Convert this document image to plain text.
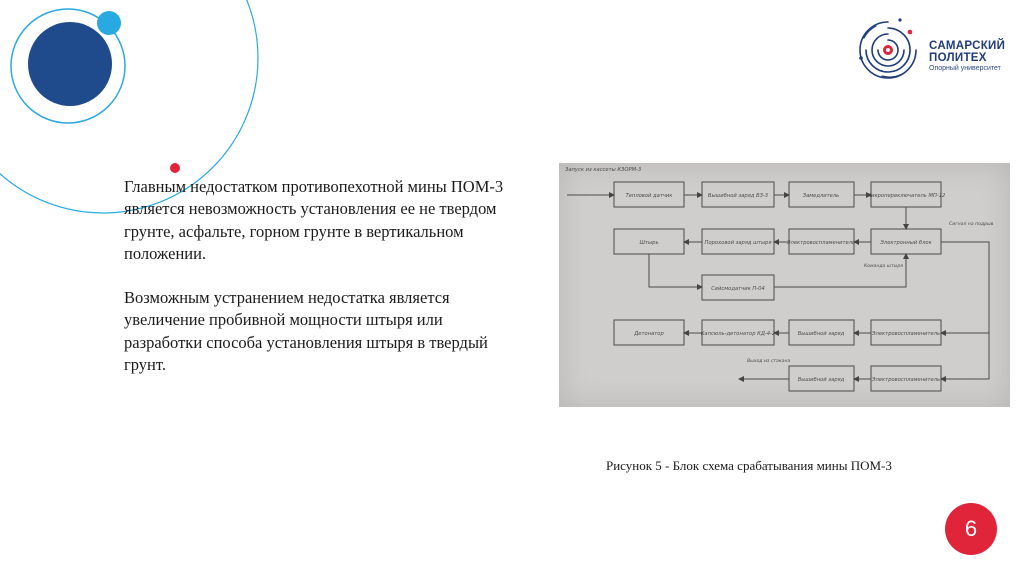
САМАРСКИЙ
ПОЛИТЕХ
Опорный университет

Главным недостатком противопехотной мины ПОМ-3 является невозможность установления ее не твердом грунте, асфальте, горном грунте в вертикальном положении.

Возможным устранением недостатка является увеличение пробивной мощности штыря или разработки способа установления штыря в твердый грунт.

Запуск из кассеты КЗОРМ-3
Тепловой датчик	Вышибной заряд ВЗ-3	Замедлитель	Микропереключатель МП-12
Штырь	Пороховой заряд штыря	Электровоспламенитель	Электронный блок
Сейсмодатчик П-04
Детонатор	Капсюль-детонатор КД-4-2	Вышибной заряд	Электровоспламенитель
Вышибной заряд	Электровоспламенитель
Сигнал на подрыв
Команда штыря
Выход из стакана
Рисунок 5 - Блок схема срабатывания мины ПОМ-3
6
